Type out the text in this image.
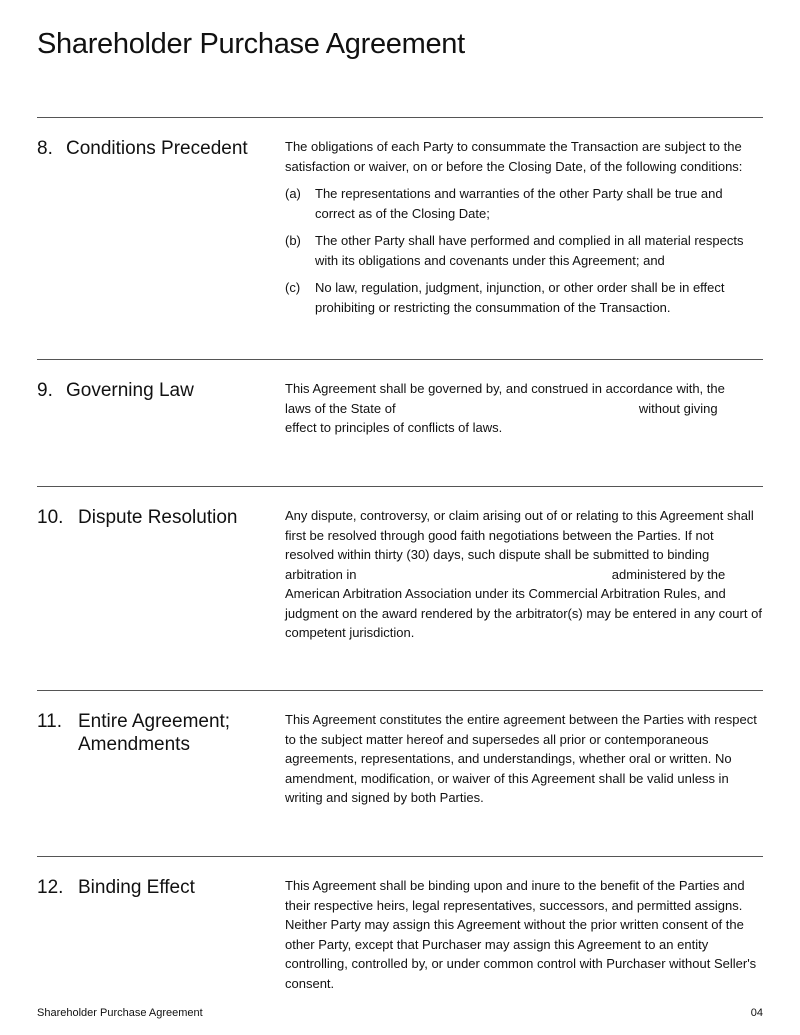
Shareholder Purchase Agreement
8. Conditions Precedent	The obligations of each Party to consummate the Transaction are subject to the satisfaction or waiver, on or before the Closing Date, of the following conditions:

(a)	The representations and warranties of the other Party shall be true and correct as of the Closing Date;
(b)	The other Party shall have performed and complied in all material respects with its obligations and covenants under this Agreement; and
(c)	No law, regulation, judgment, injunction, or other order shall be in effect prohibiting or restricting the consummation of the Transaction.
9. Governing Law	This Agreement shall be governed by, and construed in accordance with, the laws of the State of	without giving effect to principles of conflicts of laws.

10. Dispute Resolution	Any dispute, controversy, or claim arising out of or relating to this Agreement shall first be resolved through good faith negotiations between the Parties. If not resolved within thirty (30) days, such dispute shall be submitted to binding arbitration in	administered by the American Arbitration Association under its Commercial Arbitration Rules, and judgment on the award rendered by the arbitrator(s) may be entered in any court of competent jurisdiction.

11. Entire Agreement; Amendments

This Agreement constitutes the entire agreement between the Parties with respect to the subject matter hereof and supersedes all prior or contemporaneous agreements, representations, and understandings, whether oral or written. No amendment, modification, or waiver of this Agreement shall be valid unless in writing and signed by both Parties.

12. Binding Effect	This Agreement shall be binding upon and inure to the benefit of the Parties and their respective heirs, legal representatives, successors, and permitted assigns. Neither Party may assign this Agreement without the prior written consent of the other Party, except that Purchaser may assign this Agreement to an entity controlling, controlled by, or under common control with Purchaser without Seller's consent.

Shareholder Purchase Agreement	04
